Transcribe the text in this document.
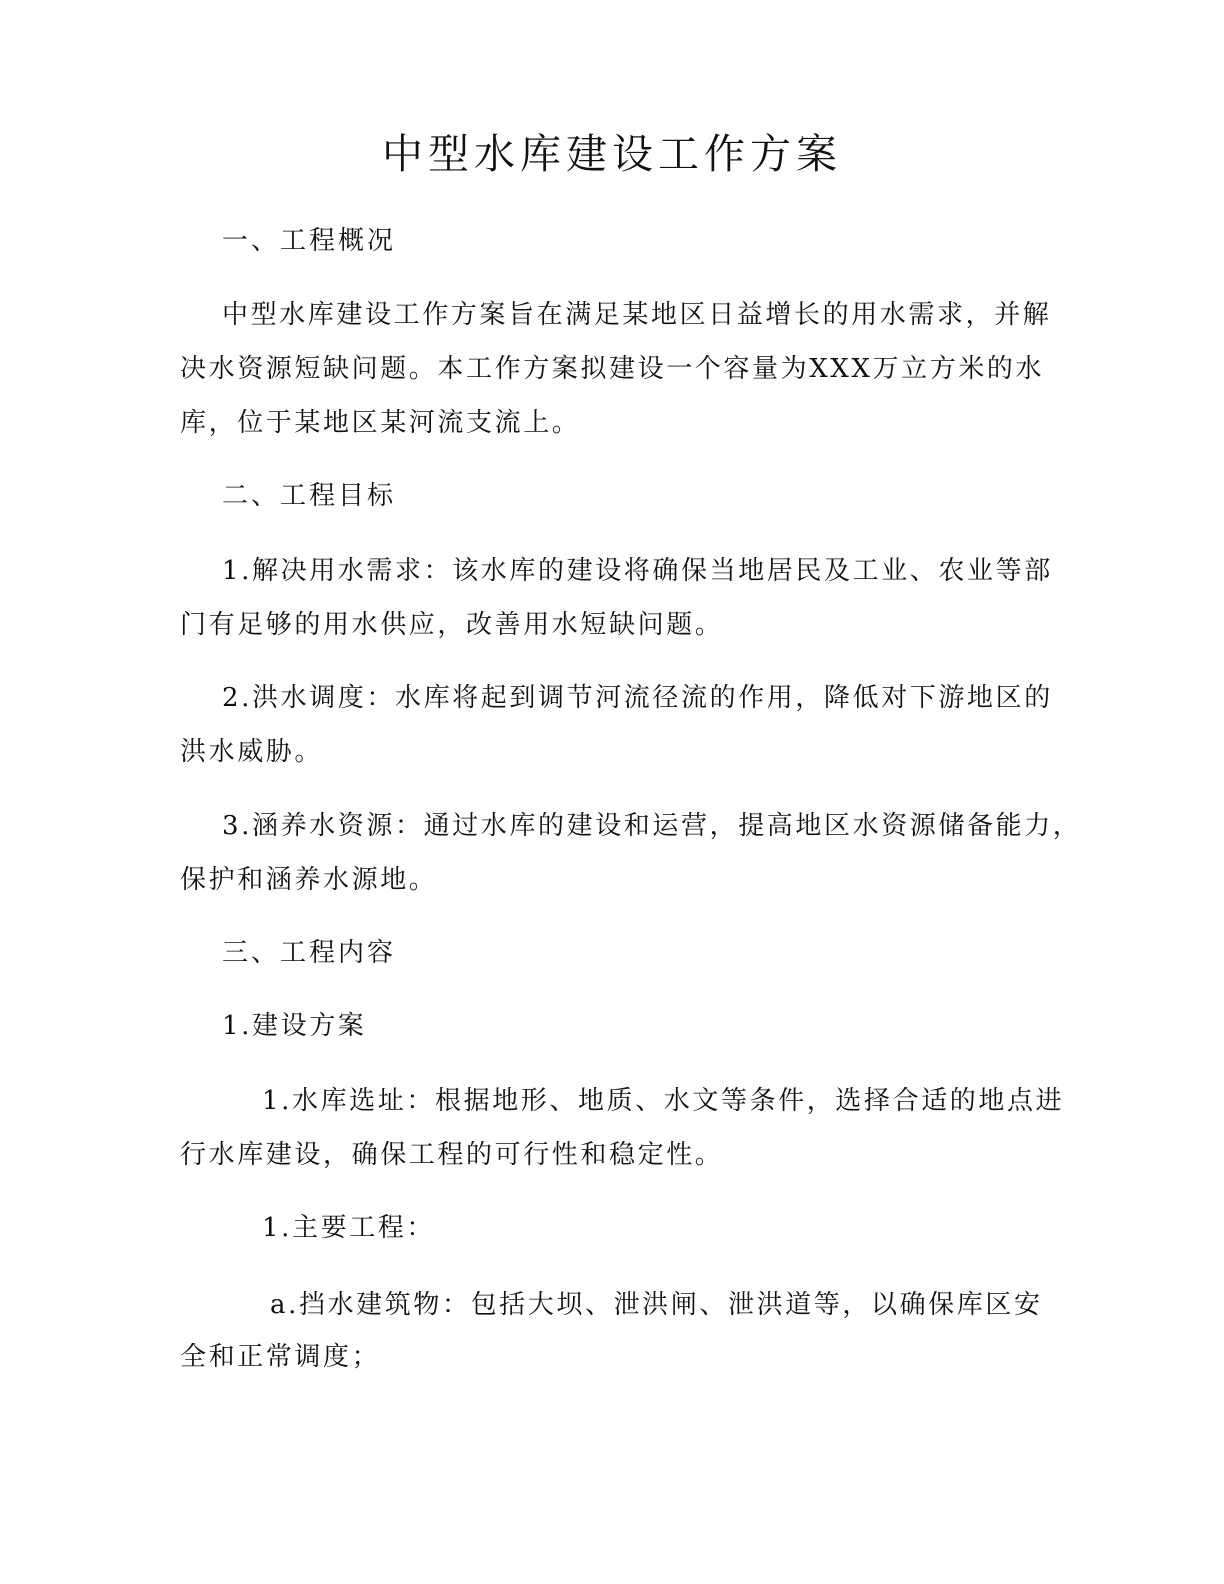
中型水库建设工作方案
一、工程概况
中型水库建设工作方案旨在满足某地区日益增长的用水需求，并解
决水资源短缺问题。本工作方案拟建设一个容量为XXX万立方米的水
库，位于某地区某河流支流上。
二、工程目标
1.解决用水需求：该水库的建设将确保当地居民及工业、农业等部
门有足够的用水供应，改善用水短缺问题。
2.洪水调度：水库将起到调节河流径流的作用，降低对下游地区的
洪水威胁。
3.涵养水资源：通过水库的建设和运营，提高地区水资源储备能力，
保护和涵养水源地。
三、工程内容
1.建设方案
1.水库选址：根据地形、地质、水文等条件，选择合适的地点进
行水库建设，确保工程的可行性和稳定性。
1.主要工程：
a.挡水建筑物：包括大坝、泄洪闸、泄洪道等，以确保库区安
全和正常调度；
